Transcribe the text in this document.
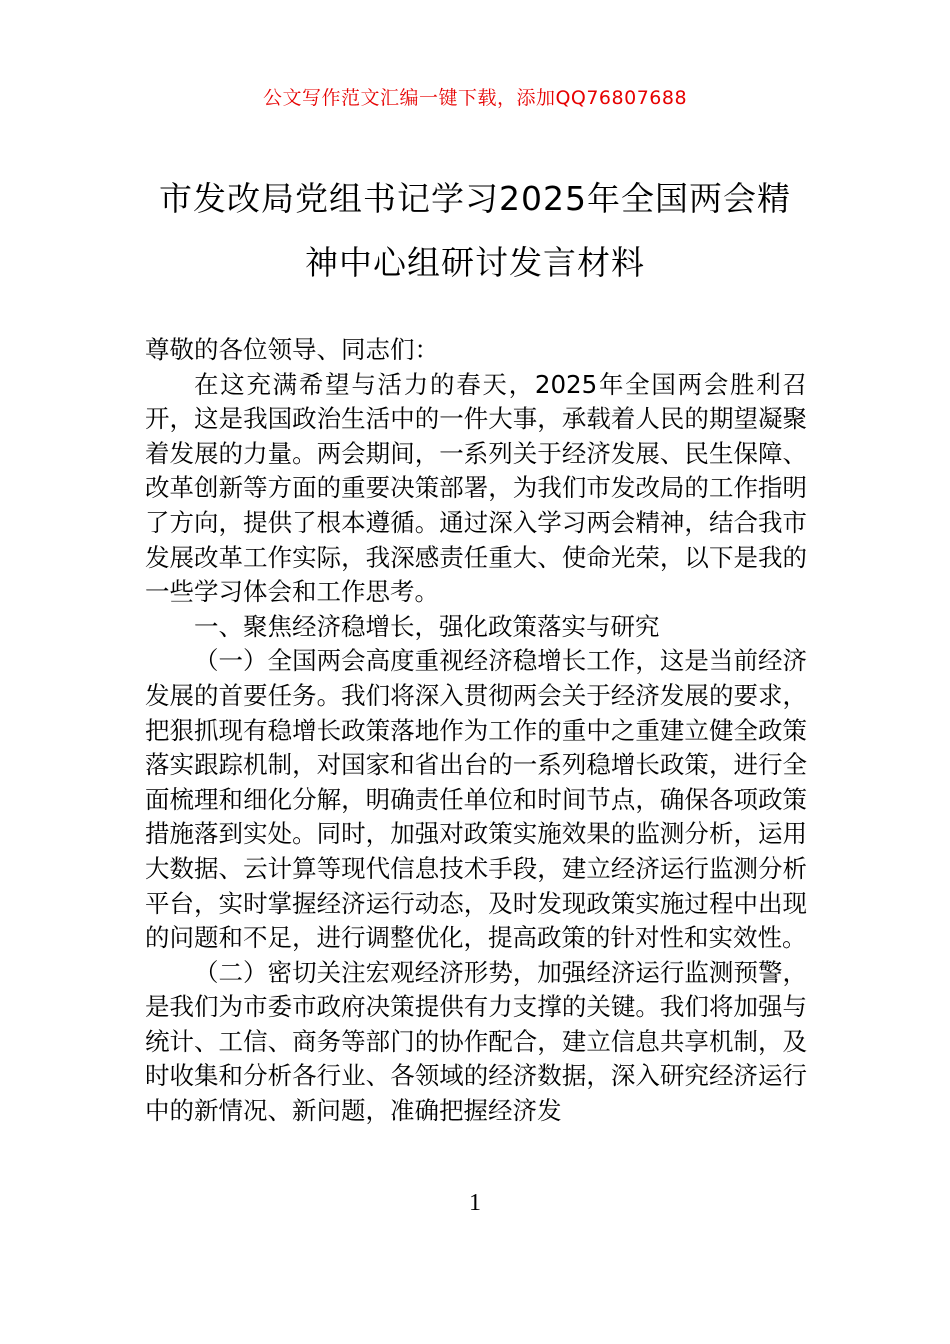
公文写作范文汇编一键下载，添加QQ76807688
市发改局党组书记学习2025年全国两会精
神中心组研讨发言材料

尊敬的各位领导、同志们：

在这充满希望与活力的春天，2025年全国两会胜利召开，这是我国政治生活中的一件大事，承载着人民的期望凝聚着发展的力量。两会期间，一系列关于经济发展、民生保障、改革创新等方面的重要决策部署，为我们市发改局的工作指明了方向，提供了根本遵循。通过深入学习两会精神，结合我市发展改革工作实际，我深感责任重大、使命光荣，以下是我的一些学习体会和工作思考。

一、聚焦经济稳增长，强化政策落实与研究

（一）全国两会高度重视经济稳增长工作，这是当前经济发展的首要任务。我们将深入贯彻两会关于经济发展的要求，把狠抓现有稳增长政策落地作为工作的重中之重建立健全政策落实跟踪机制，对国家和省出台的一系列稳增长政策，进行全面梳理和细化分解，明确责任单位和时间节点，确保各项政策措施落到实处。同时，加强对政策实施效果的监测分析，运用大数据、云计算等现代信息技术手段，建立经济运行监测分析平台，实时掌握经济运行动态，及时发现政策实施过程中出现的问题和不足，进行调整优化，提高政策的针对性和实效性。

（二）密切关注宏观经济形势，加强经济运行监测预警，是我们为市委市政府决策提供有力支撑的关键。我们将加强与统计、工信、商务等部门的协作配合，建立信息共享机制，及时收集和分析各行业、各领域的经济数据，深入研究经济运行中的新情况、新问题，准确把握经济发

1
